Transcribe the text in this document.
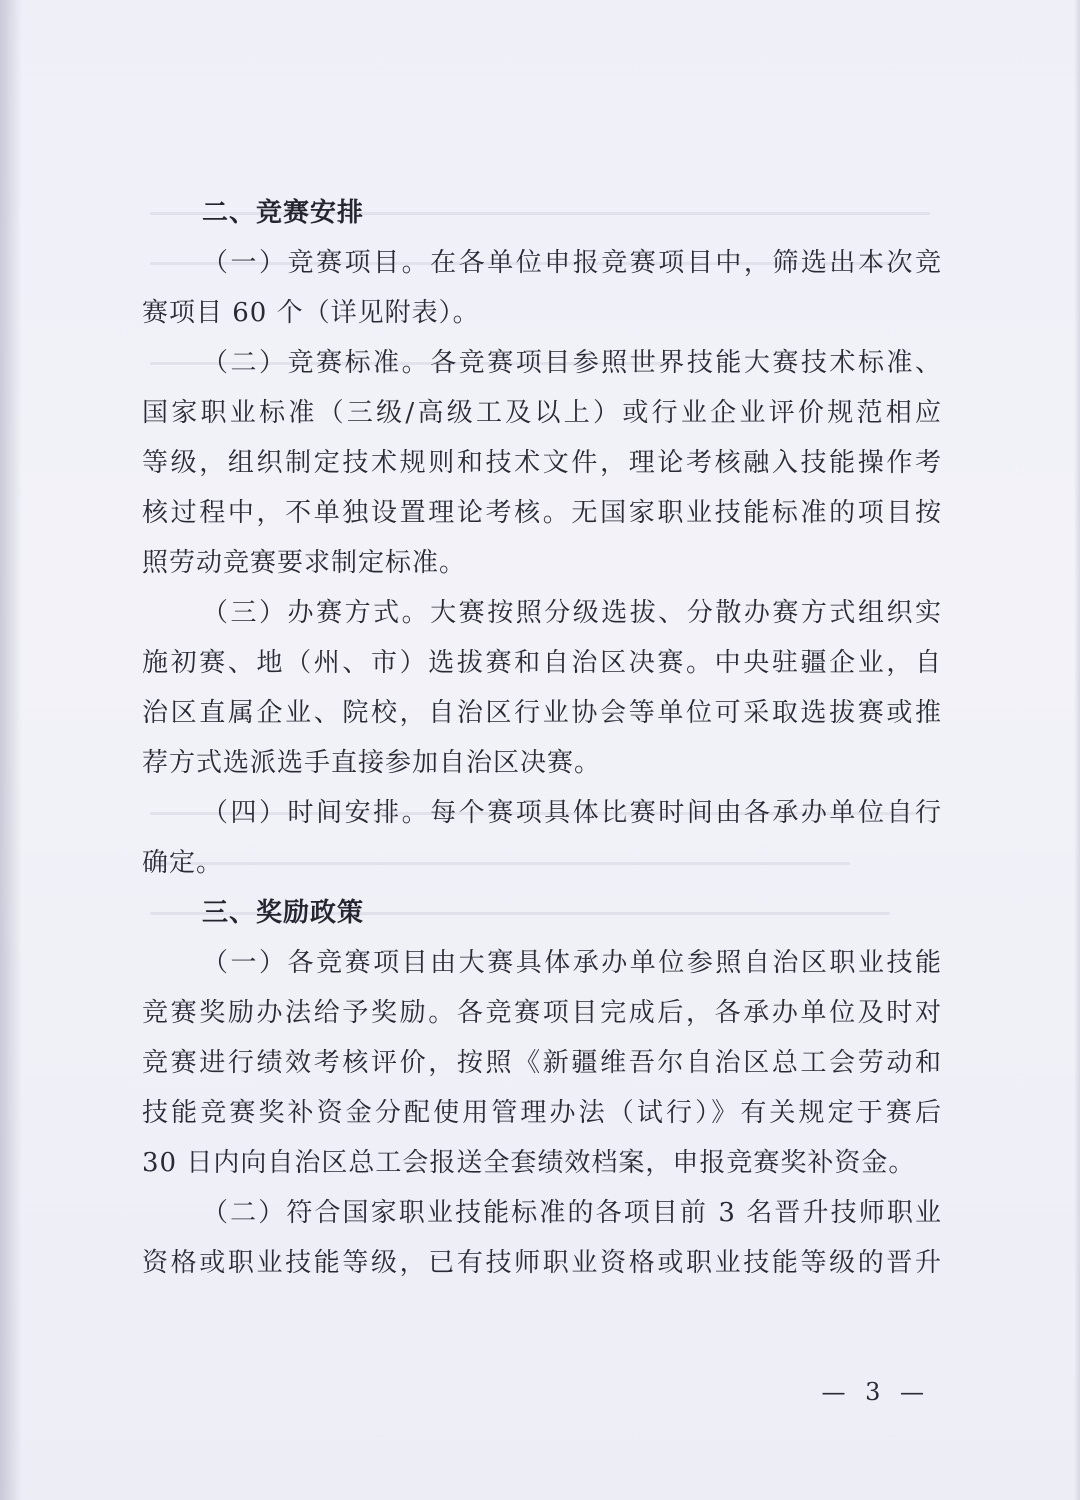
二、竞赛安排
（一）竞赛项目。在各单位申报竞赛项目中，筛选出本次竞
赛项目 60 个（详见附表）。
（二）竞赛标准。各竞赛项目参照世界技能大赛技术标准、
国家职业标准（三级/高级工及以上）或行业企业评价规范相应
等级，组织制定技术规则和技术文件，理论考核融入技能操作考
核过程中，不单独设置理论考核。无国家职业技能标准的项目按
照劳动竞赛要求制定标准。
（三）办赛方式。大赛按照分级选拔、分散办赛方式组织实
施初赛、地（州、市）选拔赛和自治区决赛。中央驻疆企业，自
治区直属企业、院校，自治区行业协会等单位可采取选拔赛或推
荐方式选派选手直接参加自治区决赛。
（四）时间安排。每个赛项具体比赛时间由各承办单位自行
确定。
三、奖励政策
（一）各竞赛项目由大赛具体承办单位参照自治区职业技能
竞赛奖励办法给予奖励。各竞赛项目完成后，各承办单位及时对
竞赛进行绩效考核评价，按照《新疆维吾尔自治区总工会劳动和
技能竞赛奖补资金分配使用管理办法（试行）》有关规定于赛后
30 日内向自治区总工会报送全套绩效档案，申报竞赛奖补资金。
（二）符合国家职业技能标准的各项目前 3 名晋升技师职业
资格或职业技能等级，已有技师职业资格或职业技能等级的晋升
— 3 —
